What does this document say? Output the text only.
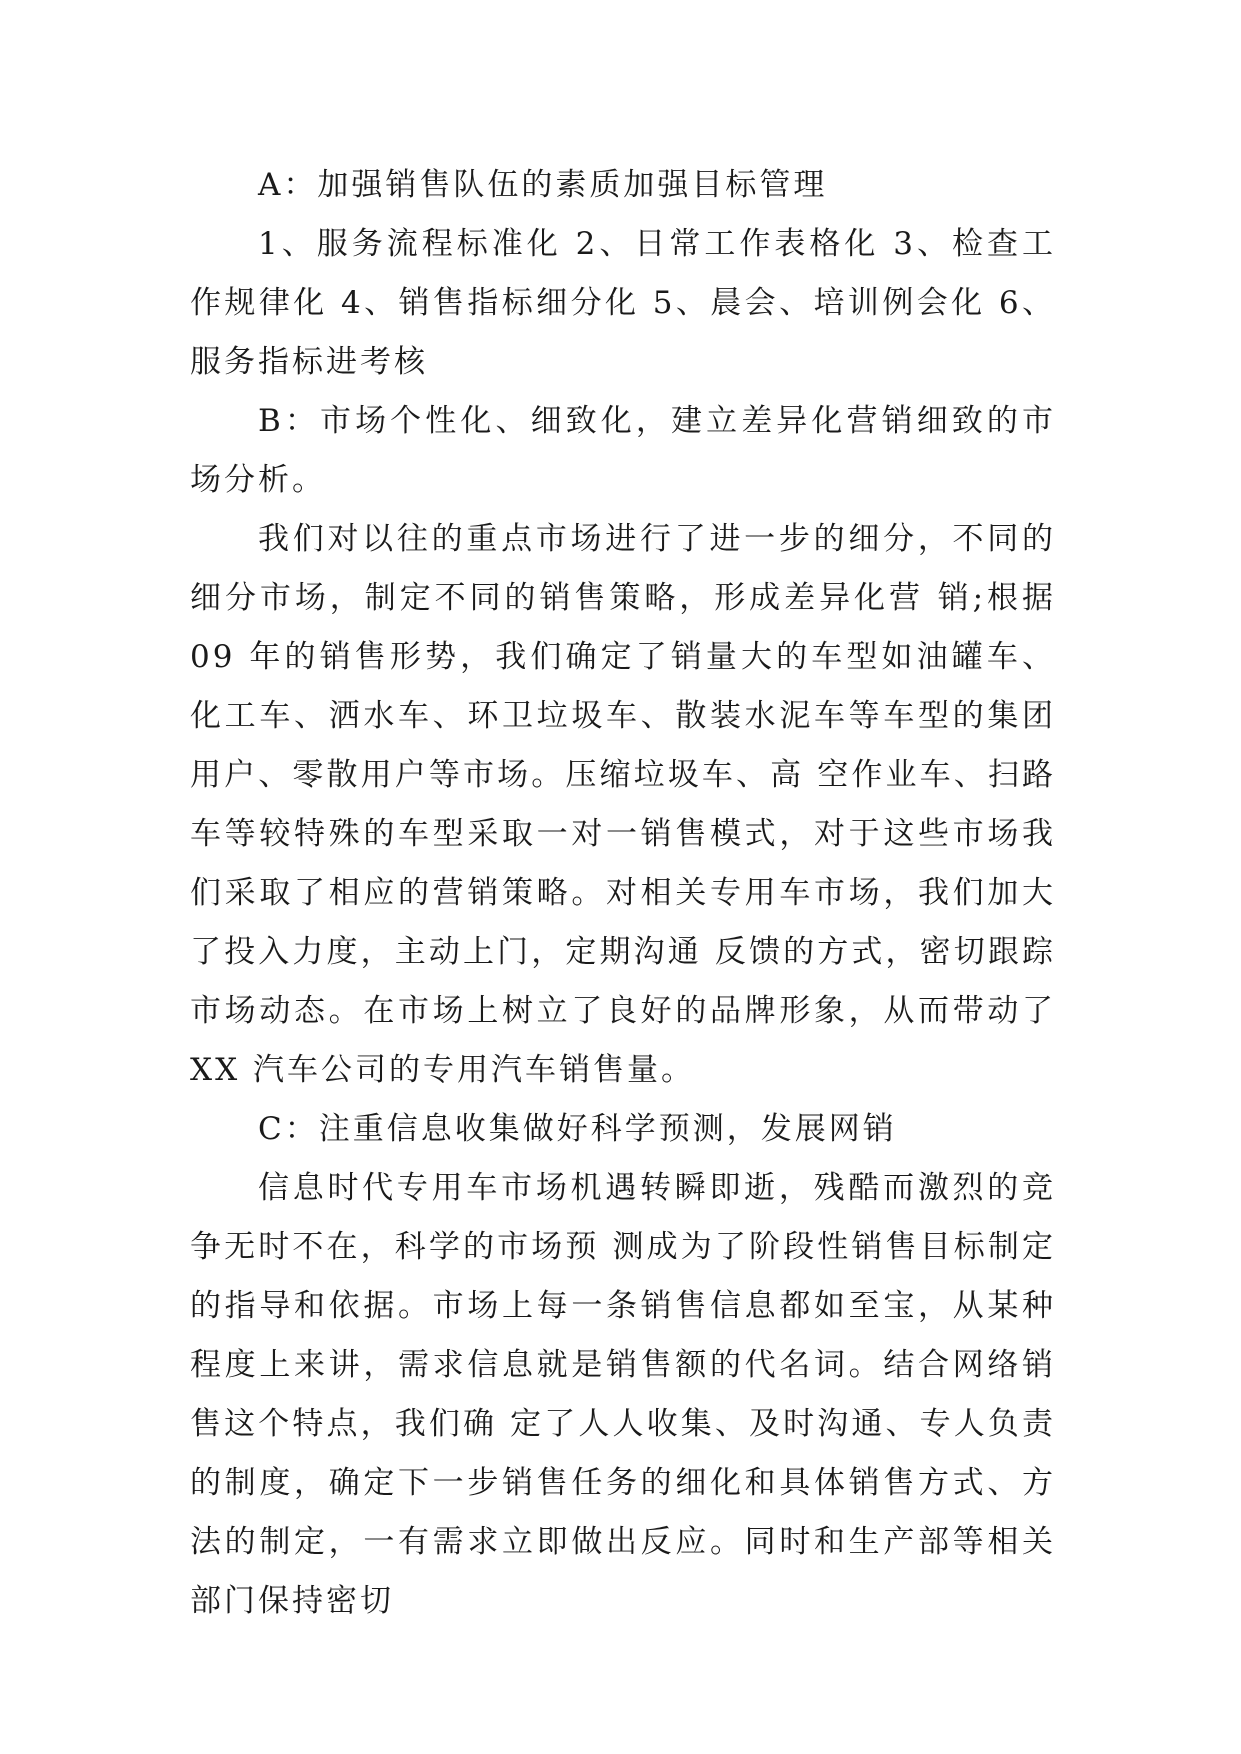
A：加强销售队伍的素质加强目标管理

1、服务流程标准化 2、日常工作表格化 3、检查工作规律化 4、销售指标细分化 5、晨会、培训例会化 6、服务指标进考核

B：市场个性化、细致化，建立差异化营销细致的市场分析。

我们对以往的重点市场进行了进一步的细分，不同的细分市场，制定不同的销售策略，形成差异化营 销;根据 09 年的销售形势，我们确定了销量大的车型如油罐车、化工车、洒水车、环卫垃圾车、散装水泥车等车型的集团用户、零散用户等市场。压缩垃圾车、高 空作业车、扫路车等较特殊的车型采取一对一销售模式，对于这些市场我们采取了相应的营销策略。对相关专用车市场，我们加大了投入力度，主动上门，定期沟通 反馈的方式，密切跟踪市场动态。在市场上树立了良好的品牌形象，从而带动了 XX 汽车公司的专用汽车销售量。

C：注重信息收集做好科学预测，发展网销

信息时代专用车市场机遇转瞬即逝，残酷而激烈的竞争无时不在，科学的市场预 测成为了阶段性销售目标制定的指导和依据。市场上每一条销售信息都如至宝，从某种程度上来讲，需求信息就是销售额的代名词。结合网络销售这个特点，我们确 定了人人收集、及时沟通、专人负责的制度，确定下一步销售任务的细化和具体销售方式、方法的制定，一有需求立即做出反应。同时和生产部等相关部门保持密切
